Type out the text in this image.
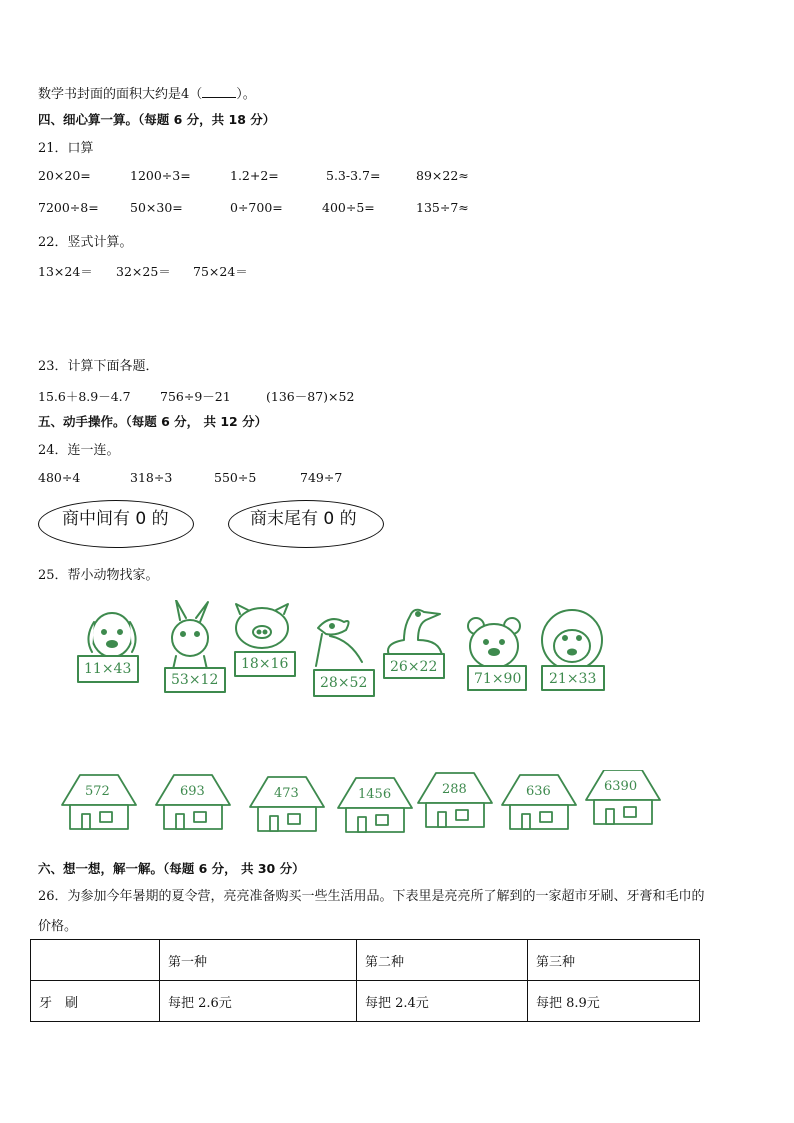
数学书封面的面积大约是4（	）。
四、细心算一算。（每题 6 分，共 18 分）
21．口算
20×20=	1200÷3=	1.2+2=	5.3-3.7=	89×22≈
7200÷8=	50×30=	0÷700=	400÷5=	135÷7≈
22．竖式计算。
13×24＝ 32×25＝ 75×24＝
23．计算下面各题．
15.6＋8.9－4.7 756÷9－21	(136－87)×52
五、动手操作。（每题 6 分， 共 12 分）
24．连一连。
480÷4	318÷3	550÷5	749÷7
商中间有 0 的	商末尾有 0 的
25．帮小动物找家。
11×43
53×12
18×16
28×52
26×22
71×90 21×33
572	693	473	1456	288	636	6390
六、想一想，解一解。（每题 6 分， 共 30 分）
26．为参加今年暑期的夏令营，亮亮准备购买一些生活用品。下表里是亮亮所了解到的一家超市牙刷、牙膏和毛巾的
价格。
	第一种	第二种	第三种
牙　刷	每把 2.6元	每把 2.4元	每把 8.9元
